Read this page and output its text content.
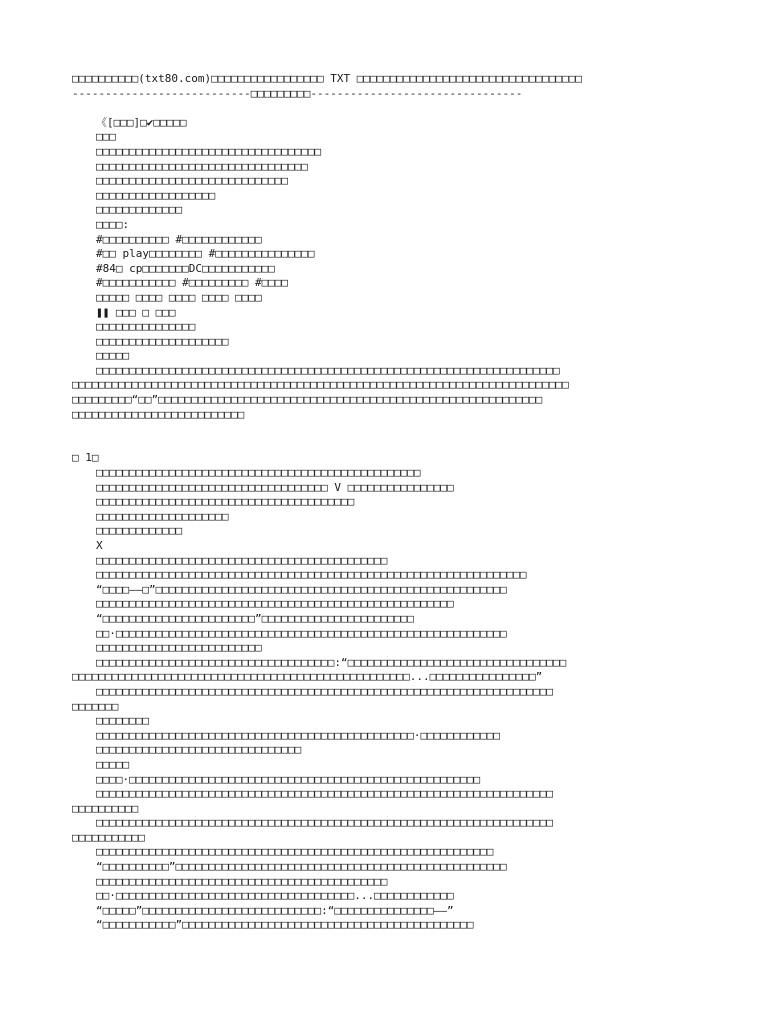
□□□□□□□□□□(txt80.com)□□□□□□□□□□□□□□□□□ TXT □□□□□□□□□□□□□□□□□□□□□□□□□□□□□□□□□□
---------------------------□□□□□□□□□--------------------------------
《[□□□]□✔□□□□□
□□□
□□□□□□□□□□□□□□□□□□□□□□□□□□□□□□□□□□
□□□□□□□□□□□□□□□□□□□□□□□□□□□□□□□□
□□□□□□□□□□□□□□□□□□□□□□□□□□□□□
□□□□□□□□□□□□□□□□□□
□□□□□□□□□□□□□
□□□□:
#□□□□□□□□□□ #□□□□□□□□□□□□
#□□ play□□□□□□□□ #□□□□□□□□□□□□□□□
#84□ cp□□□□□□□DC□□□□□□□□□□□
#□□□□□□□□□□□ #□□□□□□□□□ #□□□□
□□□□□ □□□□ □□□□ □□□□ □□□□
❚❚ □□□ □ □□□
□□□□□□□□□□□□□□□
□□□□□□□□□□□□□□□□□□□□
□□□□□
□□□□□□□□□□□□□□□□□□□□□□□□□□□□□□□□□□□□□□□□□□□□□□□□□□□□□□□□□□□□□□□□□□□□□□
□□□□□□□□□□□□□□□□□□□□□□□□□□□□□□□□□□□□□□□□□□□□□□□□□□□□□□□□□□□□□□□□□□□□□□□□□□□
□□□□□□□□□“□□”□□□□□□□□□□□□□□□□□□□□□□□□□□□□□□□□□□□□□□□□□□□□□□□□□□□□□□□□□□
□□□□□□□□□□□□□□□□□□□□□□□□□□
□ 1□
□□□□□□□□□□□□□□□□□□□□□□□□□□□□□□□□□□□□□□□□□□□□□□□□□
□□□□□□□□□□□□□□□□□□□□□□□□□□□□□□□□□□□ V □□□□□□□□□□□□□□□□
□□□□□□□□□□□□□□□□□□□□□□□□□□□□□□□□□□□□□□□
□□□□□□□□□□□□□□□□□□□□
□□□□□□□□□□□□□
X
□□□□□□□□□□□□□□□□□□□□□□□□□□□□□□□□□□□□□□□□□□□□
□□□□□□□□□□□□□□□□□□□□□□□□□□□□□□□□□□□□□□□□□□□□□□□□□□□□□□□□□□□□□□□□□
“□□□□——□”□□□□□□□□□□□□□□□□□□□□□□□□□□□□□□□□□□□□□□□□□□□□□□□□□□□□□
□□□□□□□□□□□□□□□□□□□□□□□□□□□□□□□□□□□□□□□□□□□□□□□□□□□□□□
“□□□□□□□□□□□□□□□□□□□□□□□”□□□□□□□□□□□□□□□□□□□□□□□
□□·□□□□□□□□□□□□□□□□□□□□□□□□□□□□□□□□□□□□□□□□□□□□□□□□□□□□□□□□□□□
□□□□□□□□□□□□□□□□□□□□□□□□□
□□□□□□□□□□□□□□□□□□□□□□□□□□□□□□□□□□□□:“□□□□□□□□□□□□□□□□□□□□□□□□□□□□□□□□□
□□□□□□□□□□□□□□□□□□□□□□□□□□□□□□□□□□□□□□□□□□□□□□□□□□□...□□□□□□□□□□□□□□□□”
□□□□□□□□□□□□□□□□□□□□□□□□□□□□□□□□□□□□□□□□□□□□□□□□□□□□□□□□□□□□□□□□□□□□□
□□□□□□□
□□□□□□□□
□□□□□□□□□□□□□□□□□□□□□□□□□□□□□□□□□□□□□□□□□□□□□□□□·□□□□□□□□□□□□
□□□□□□□□□□□□□□□□□□□□□□□□□□□□□□□
□□□□□
□□□□·□□□□□□□□□□□□□□□□□□□□□□□□□□□□□□□□□□□□□□□□□□□□□□□□□□□□□
□□□□□□□□□□□□□□□□□□□□□□□□□□□□□□□□□□□□□□□□□□□□□□□□□□□□□□□□□□□□□□□□□□□□□
□□□□□□□□□□
□□□□□□□□□□□□□□□□□□□□□□□□□□□□□□□□□□□□□□□□□□□□□□□□□□□□□□□□□□□□□□□□□□□□□
□□□□□□□□□□□
□□□□□□□□□□□□□□□□□□□□□□□□□□□□□□□□□□□□□□□□□□□□□□□□□□□□□□□□□□□□
“□□□□□□□□□□”□□□□□□□□□□□□□□□□□□□□□□□□□□□□□□□□□□□□□□□□□□□□□□□□□□
□□□□□□□□□□□□□□□□□□□□□□□□□□□□□□□□□□□□□□□□□□□□
□□·□□□□□□□□□□□□□□□□□□□□□□□□□□□□□□□□□□□□...□□□□□□□□□□□□
“□□□□□”□□□□□□□□□□□□□□□□□□□□□□□□□□□:“□□□□□□□□□□□□□□□——”
“□□□□□□□□□□□”□□□□□□□□□□□□□□□□□□□□□□□□□□□□□□□□□□□□□□□□□□□□
